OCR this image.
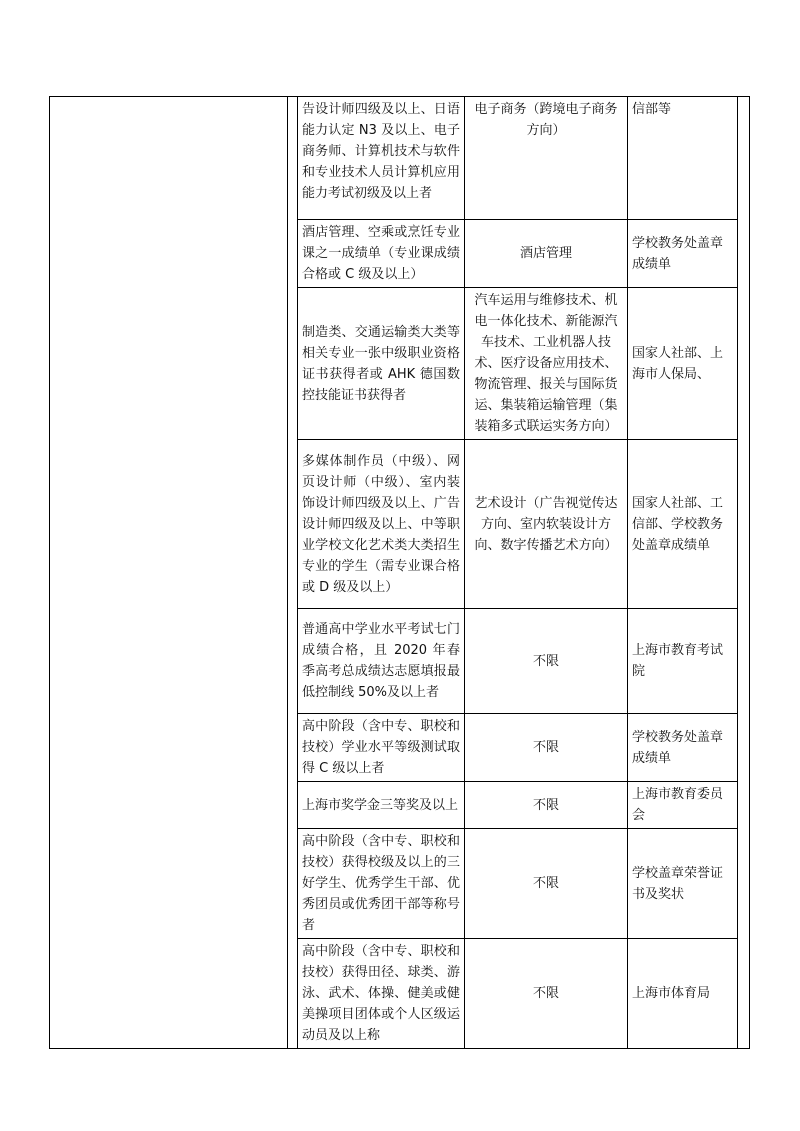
		告设计师四级及以上、日语能力认定 N3 及以上、电子商务师、计算机技术与软件和专业技术人员计算机应用能力考试初级及以上者	电子商务（跨境电子商务方向）	信部等	
		酒店管理、空乘或烹饪专业课之一成绩单（专业课成绩合格或 C 级及以上）	酒店管理	学校教务处盖章成绩单	
		制造类、交通运输类大类等相关专业一张中级职业资格证书获得者或 AHK 德国数控技能证书获得者	汽车运用与维修技术、机电一体化技术、新能源汽车技术、工业机器人技术、医疗设备应用技术、物流管理、报关与国际货运、集装箱运输管理（集装箱多式联运实务方向）	国家人社部、上海市人保局、	
		多媒体制作员（中级）、网页设计师（中级）、室内装饰设计师四级及以上、广告设计师四级及以上、中等职业学校文化艺术类大类招生专业的学生（需专业课合格或 D 级及以上）	艺术设计（广告视觉传达方向、室内软装设计方向、数字传播艺术方向）	国家人社部、工信部、学校教务处盖章成绩单	
		普通高中学业水平考试七门成绩合格，且 2020 年春季高考总成绩达志愿填报最低控制线 50%及以上者	不限	上海市教育考试院	
		高中阶段（含中专、职校和技校）学业水平等级测试取得 C 级以上者	不限	学校教务处盖章成绩单	
		上海市奖学金三等奖及以上	不限	上海市教育委员会	
		高中阶段（含中专、职校和技校）获得校级及以上的三好学生、优秀学生干部、优秀团员或优秀团干部等称号者	不限	学校盖章荣誉证书及奖状	
		高中阶段（含中专、职校和技校）获得田径、球类、游泳、武术、体操、健美或健美操项目团体或个人区级运动员及以上称	不限	上海市体育局	
